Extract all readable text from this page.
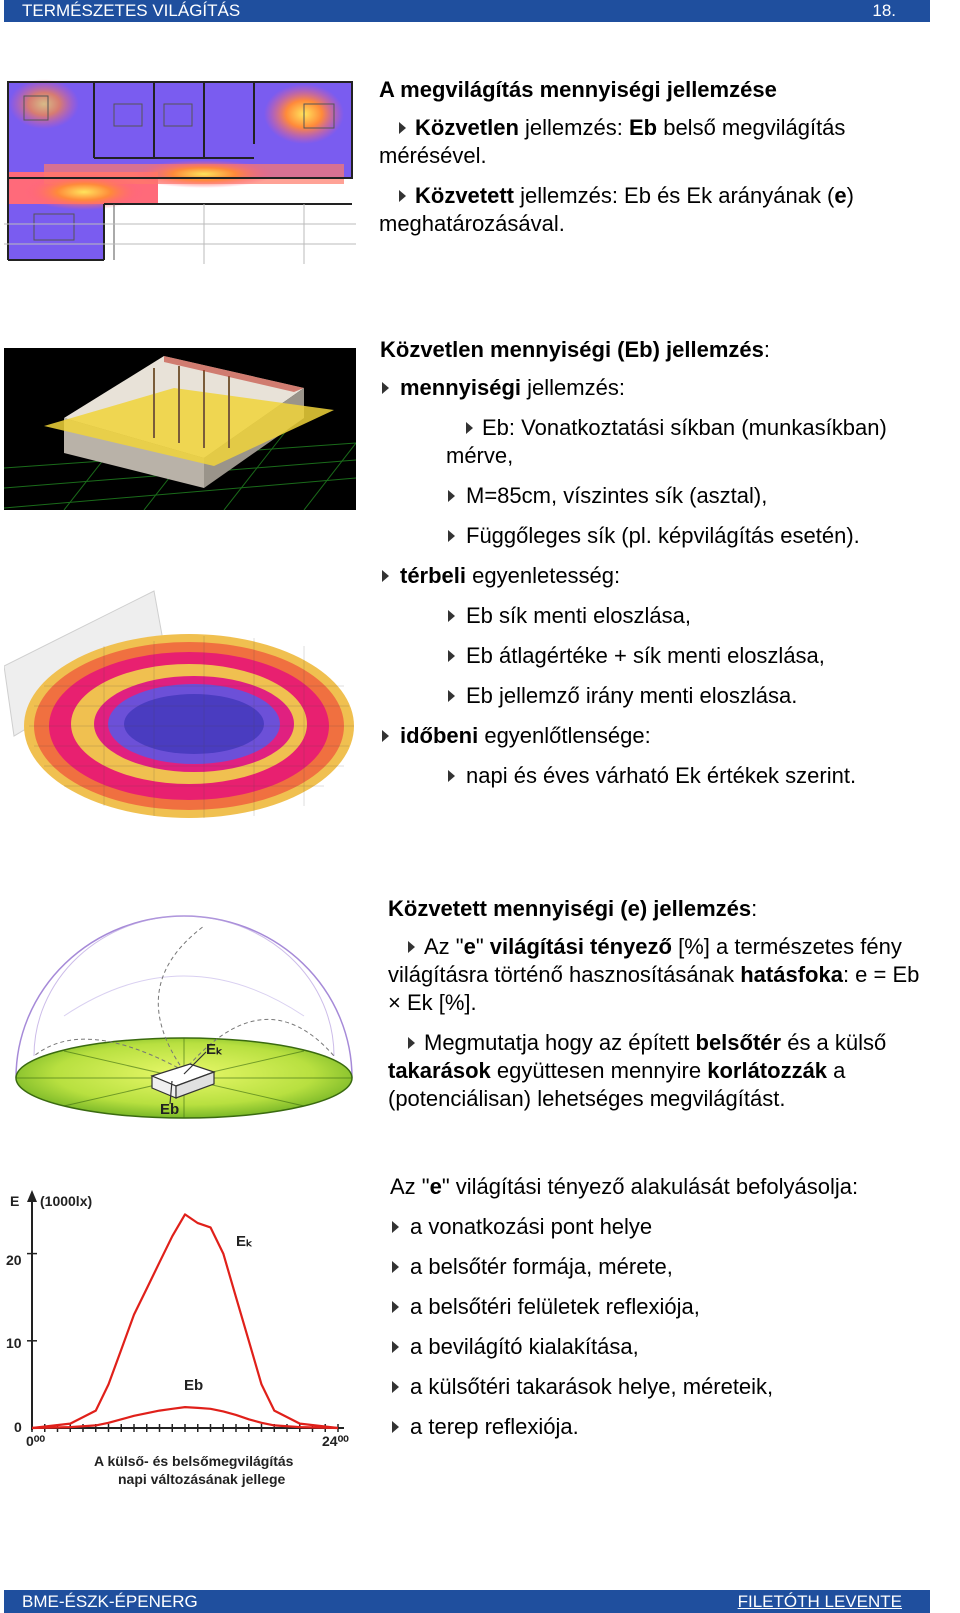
TERMÉSZETES VILÁGÍTÁS	18.
BME-ÉSZK-ÉPENERG	FILETÓTH LEVENTE
A megvilágítás mennyiségi jellemzése
Közvetlen jellemzés: Eb belső megvilágítás mérésével.
Közvetett jellemzés: Eb és Ek arányának (e) meghatározásával.
Közvetlen mennyiségi (Eb) jellemzés:
mennyiségi jellemzés:
Eb: Vonatkoztatási síkban (munkasíkban) mérve,
M=85cm, víszintes sík (asztal),
Függőleges sík (pl. képvilágítás esetén).
térbeli egyenletesség:
Eb sík menti eloszlása,
Eb átlagértéke + sík menti eloszlása,
Eb jellemző irány menti eloszlása.
időbeni egyenlőtlensége:
napi és éves várható Ek értékek szerint.
Eₖ
Eb
Közvetett mennyiségi (e) jellemzés:
Az "e" világítási tényező [%] a természetes fény világításra történő hasznosításának hatásfoka: e = Eb × Ek [%].
Megmutatja hogy az épített belsőtér és a külső takarások együttesen mennyire korlátozzák a (potenciálisan) lehetséges megvilágítást.
E (1000lx)
20
10
0
0⁰⁰	24⁰⁰
Eₖ
Eb
A külső- és belsőmegvilágítás
napi változásának jellege
Az "e" világítási tényező alakulását befolyásolja:
a vonatkozási pont helye
a belsőtér formája, mérete,
a belsőtéri felületek reflexiója,
a bevilágító kialakítása,
a külsőtéri takarások helye, méreteik,
a terep reflexiója.
